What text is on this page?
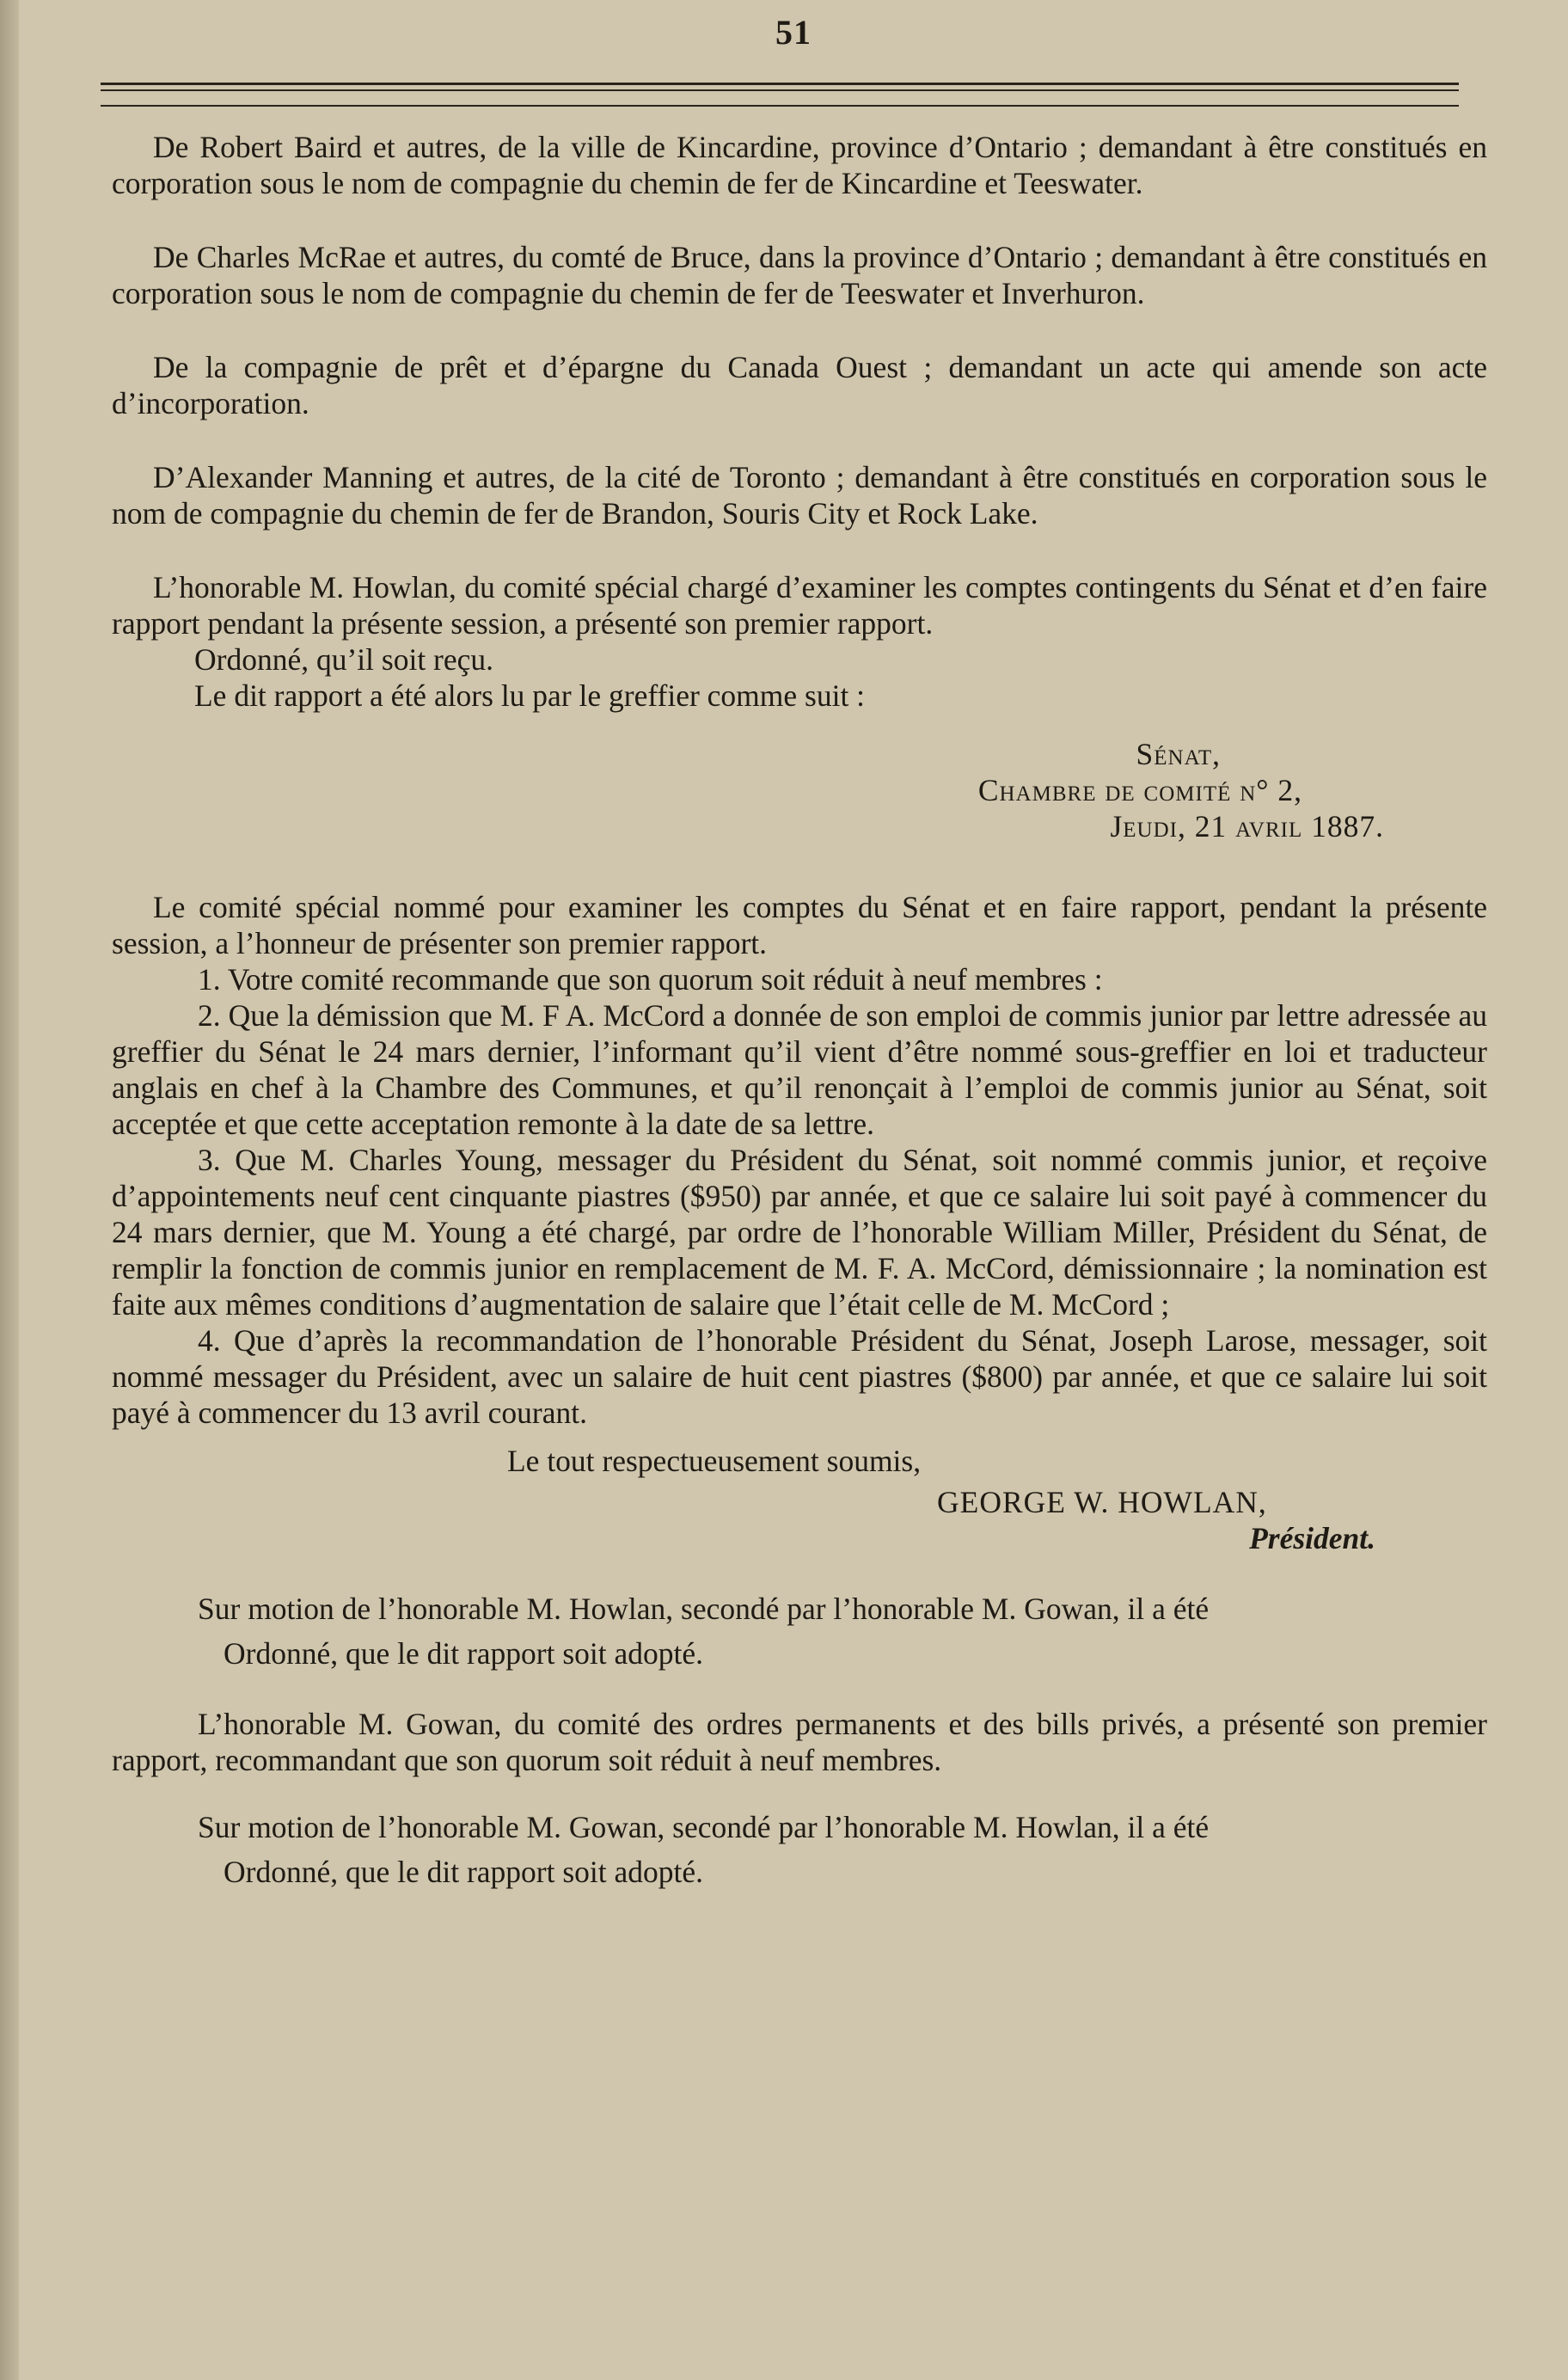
51

De Robert Baird et autres, de la ville de Kincardine, province d’Ontario ; demandant à être constitués en corporation sous le nom de compagnie du chemin de fer de Kincardine et Teeswater.

De Charles McRae et autres, du comté de Bruce, dans la province d’Ontario ; demandant à être constitués en corporation sous le nom de compagnie du chemin de fer de Teeswater et Inverhuron.

De la compagnie de prêt et d’épargne du Canada Ouest ; demandant un acte qui amende son acte d’incorporation.

D’Alexander Manning et autres, de la cité de Toronto ; demandant à être constitués en corporation sous le nom de compagnie du chemin de fer de Brandon, Souris City et Rock Lake.

L’honorable M. Howlan, du comité spécial chargé d’examiner les comptes contingents du Sénat et d’en faire rapport pendant la présente session, a présenté son premier rapport.

Ordonné, qu’il soit reçu.

Le dit rapport a été alors lu par le greffier comme suit :

Sénat,
Chambre de comité n° 2,
Jeudi, 21 avril 1887.

Le comité spécial nommé pour examiner les comptes du Sénat et en faire rapport, pendant la présente session, a l’honneur de présenter son premier rapport.

1. Votre comité recommande que son quorum soit réduit à neuf membres :

2. Que la démission que M. F A. McCord a donnée de son emploi de commis junior par lettre adressée au greffier du Sénat le 24 mars dernier, l’informant qu’il vient d’être nommé sous-greffier en loi et traducteur anglais en chef à la Chambre des Communes, et qu’il renonçait à l’emploi de commis junior au Sénat, soit acceptée et que cette acceptation remonte à la date de sa lettre.

3. Que M. Charles Young, messager du Président du Sénat, soit nommé commis junior, et reçoive d’appointements neuf cent cinquante piastres ($950) par année, et que ce salaire lui soit payé à commencer du 24 mars dernier, que M. Young a été chargé, par ordre de l’honorable William Miller, Président du Sénat, de remplir la fonction de commis junior en remplacement de M. F. A. McCord, démissionnaire ; la nomination est faite aux mêmes conditions d’augmentation de salaire que l’était celle de M. McCord ;

4. Que d’après la recommandation de l’honorable Président du Sénat, Joseph Larose, messager, soit nommé messager du Président, avec un salaire de huit cent piastres ($800) par année, et que ce salaire lui soit payé à commencer du 13 avril courant.

Le tout respectueusement soumis,

GEORGE W. HOWLAN,

Président.

Sur motion de l’honorable M. Howlan, secondé par l’honorable M. Gowan, il a été

Ordonné, que le dit rapport soit adopté.

L’honorable M. Gowan, du comité des ordres permanents et des bills privés, a présenté son premier rapport, recommandant que son quorum soit réduit à neuf membres.

Sur motion de l’honorable M. Gowan, secondé par l’honorable M. Howlan, il a été

Ordonné, que le dit rapport soit adopté.
